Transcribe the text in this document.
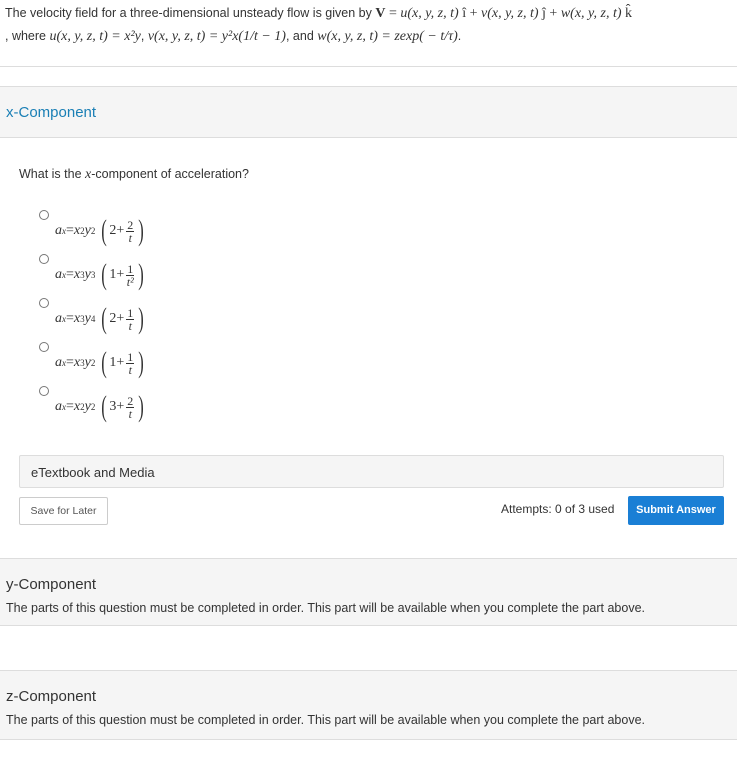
The velocity field for a three-dimensional unsteady flow is given by V = u(x, y, z, t) î + v(x, y, z, t) ĵ + w(x, y, z, t) k̂
, where u(x, y, z, t) = x²y, v(x, y, z, t) = y²x(1/t − 1), and w(x, y, z, t) = zexp( − t/τ).
x-Component
What is the x-component of acceleration?
a x = x 2 y 2 ( $2 + \frac{2}{t}$ )
a x = x 3 y 3 ( $1 + \frac{1}{\text{t²}}$ )
a x = x 3 y 4 ( $2 + \frac{1}{t}$ )
a x = x 3 y 2 ( $1 + \frac{1}{t}$ )
a x = x 2 y 2 ( $3 + \frac{2}{t}$ )
eTextbook and Media
Save for Later	Attempts: 0 of 3 used	Submit Answer
y-Component
The parts of this question must be completed in order. This part will be available when you complete the part above.
z-Component
The parts of this question must be completed in order. This part will be available when you complete the part above.
